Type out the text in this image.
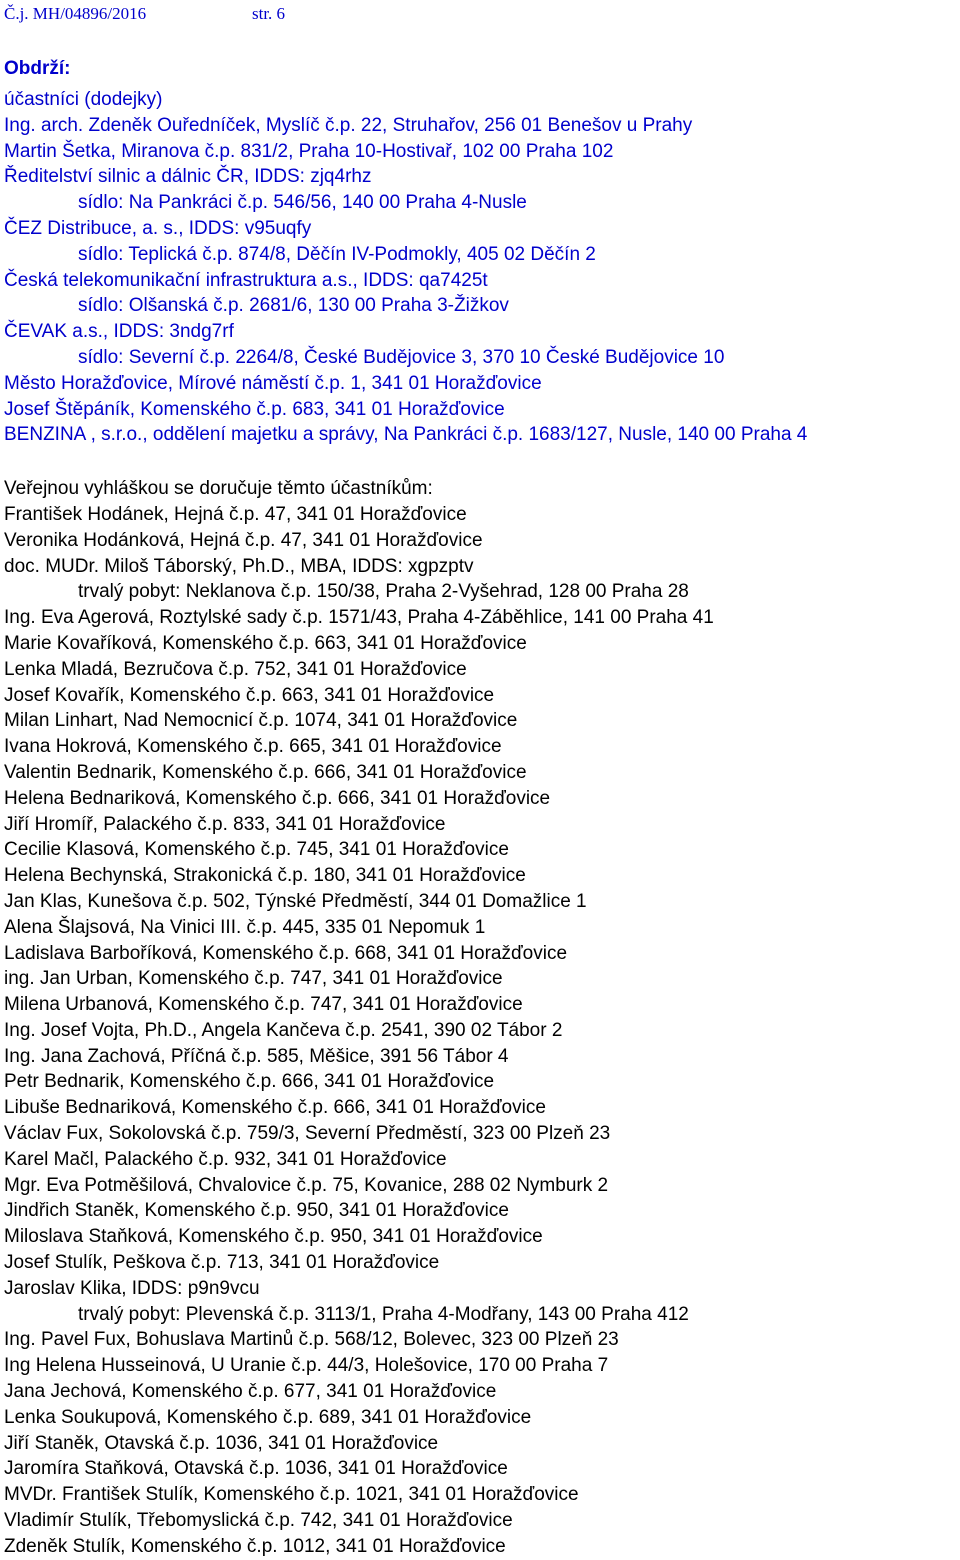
Č.j. MH/04896/2016	str. 6
Obdrží:
účastníci (dodejky)
Ing. arch. Zdeněk Ouředníček, Myslíč č.p. 22, Struhařov, 256 01 Benešov u Prahy
Martin Šetka, Miranova č.p. 831/2, Praha 10-Hostivař, 102 00 Praha 102
Ředitelství silnic a dálnic ČR, IDDS: zjq4rhz
sídlo: Na Pankráci č.p. 546/56, 140 00 Praha 4-Nusle
ČEZ Distribuce, a. s., IDDS: v95uqfy
sídlo: Teplická č.p. 874/8, Děčín IV-Podmokly, 405 02 Děčín 2
Česká telekomunikační infrastruktura a.s., IDDS: qa7425t
sídlo: Olšanská č.p. 2681/6, 130 00 Praha 3-Žižkov
ČEVAK a.s., IDDS: 3ndg7rf
sídlo: Severní č.p. 2264/8, České Budějovice 3, 370 10 České Budějovice 10
Město Horažďovice, Mírové náměstí č.p. 1, 341 01 Horažďovice
Josef Štěpáník, Komenského č.p. 683, 341 01 Horažďovice
BENZINA , s.r.o., oddělení majetku a správy, Na Pankráci č.p. 1683/127, Nusle, 140 00 Praha 4
Veřejnou vyhláškou se doručuje těmto účastníkům:
František Hodánek, Hejná č.p. 47, 341 01 Horažďovice
Veronika Hodánková, Hejná č.p. 47, 341 01 Horažďovice
doc. MUDr. Miloš Táborský, Ph.D., MBA, IDDS: xgpzptv
trvalý pobyt: Neklanova č.p. 150/38, Praha 2-Vyšehrad, 128 00 Praha 28
Ing. Eva Agerová, Roztylské sady č.p. 1571/43, Praha 4-Záběhlice, 141 00 Praha 41
Marie Kovaříková, Komenského č.p. 663, 341 01 Horažďovice
Lenka Mladá, Bezručova č.p. 752, 341 01 Horažďovice
Josef Kovařík, Komenského č.p. 663, 341 01 Horažďovice
Milan Linhart, Nad Nemocnicí č.p. 1074, 341 01 Horažďovice
Ivana Hokrová, Komenského č.p. 665, 341 01 Horažďovice
Valentin Bednarik, Komenského č.p. 666, 341 01 Horažďovice
Helena Bednariková, Komenského č.p. 666, 341 01 Horažďovice
Jiří Hromíř, Palackého č.p. 833, 341 01 Horažďovice
Cecilie Klasová, Komenského č.p. 745, 341 01 Horažďovice
Helena Bechynská, Strakonická č.p. 180, 341 01 Horažďovice
Jan Klas, Kunešova č.p. 502, Týnské Předměstí, 344 01 Domažlice 1
Alena Šlajsová, Na Vinici III. č.p. 445, 335 01 Nepomuk 1
Ladislava Barboříková, Komenského č.p. 668, 341 01 Horažďovice
ing. Jan Urban, Komenského č.p. 747, 341 01 Horažďovice
Milena Urbanová, Komenského č.p. 747, 341 01 Horažďovice
Ing. Josef Vojta, Ph.D., Angela Kančeva č.p. 2541, 390 02 Tábor 2
Ing. Jana Zachová, Příčná č.p. 585, Měšice, 391 56 Tábor 4
Petr Bednarik, Komenského č.p. 666, 341 01 Horažďovice
Libuše Bednariková, Komenského č.p. 666, 341 01 Horažďovice
Václav Fux, Sokolovská č.p. 759/3, Severní Předměstí, 323 00 Plzeň 23
Karel Mačl, Palackého č.p. 932, 341 01 Horažďovice
Mgr. Eva Potměšilová, Chvalovice č.p. 75, Kovanice, 288 02 Nymburk 2
Jindřich Staněk, Komenského č.p. 950, 341 01 Horažďovice
Miloslava Staňková, Komenského č.p. 950, 341 01 Horažďovice
Josef Stulík, Peškova č.p. 713, 341 01 Horažďovice
Jaroslav Klika, IDDS: p9n9vcu
trvalý pobyt: Plevenská č.p. 3113/1, Praha 4-Modřany, 143 00 Praha 412
Ing. Pavel Fux, Bohuslava Martinů č.p. 568/12, Bolevec, 323 00 Plzeň 23
Ing Helena Husseinová, U Uranie č.p. 44/3, Holešovice, 170 00 Praha 7
Jana Jechová, Komenského č.p. 677, 341 01 Horažďovice
Lenka Soukupová, Komenského č.p. 689, 341 01 Horažďovice
Jiří Staněk, Otavská č.p. 1036, 341 01 Horažďovice
Jaromíra Staňková, Otavská č.p. 1036, 341 01 Horažďovice
MVDr. František Stulík, Komenského č.p. 1021, 341 01 Horažďovice
Vladimír Stulík, Třebomyslická č.p. 742, 341 01 Horažďovice
Zdeněk Stulík, Komenského č.p. 1012, 341 01 Horažďovice
